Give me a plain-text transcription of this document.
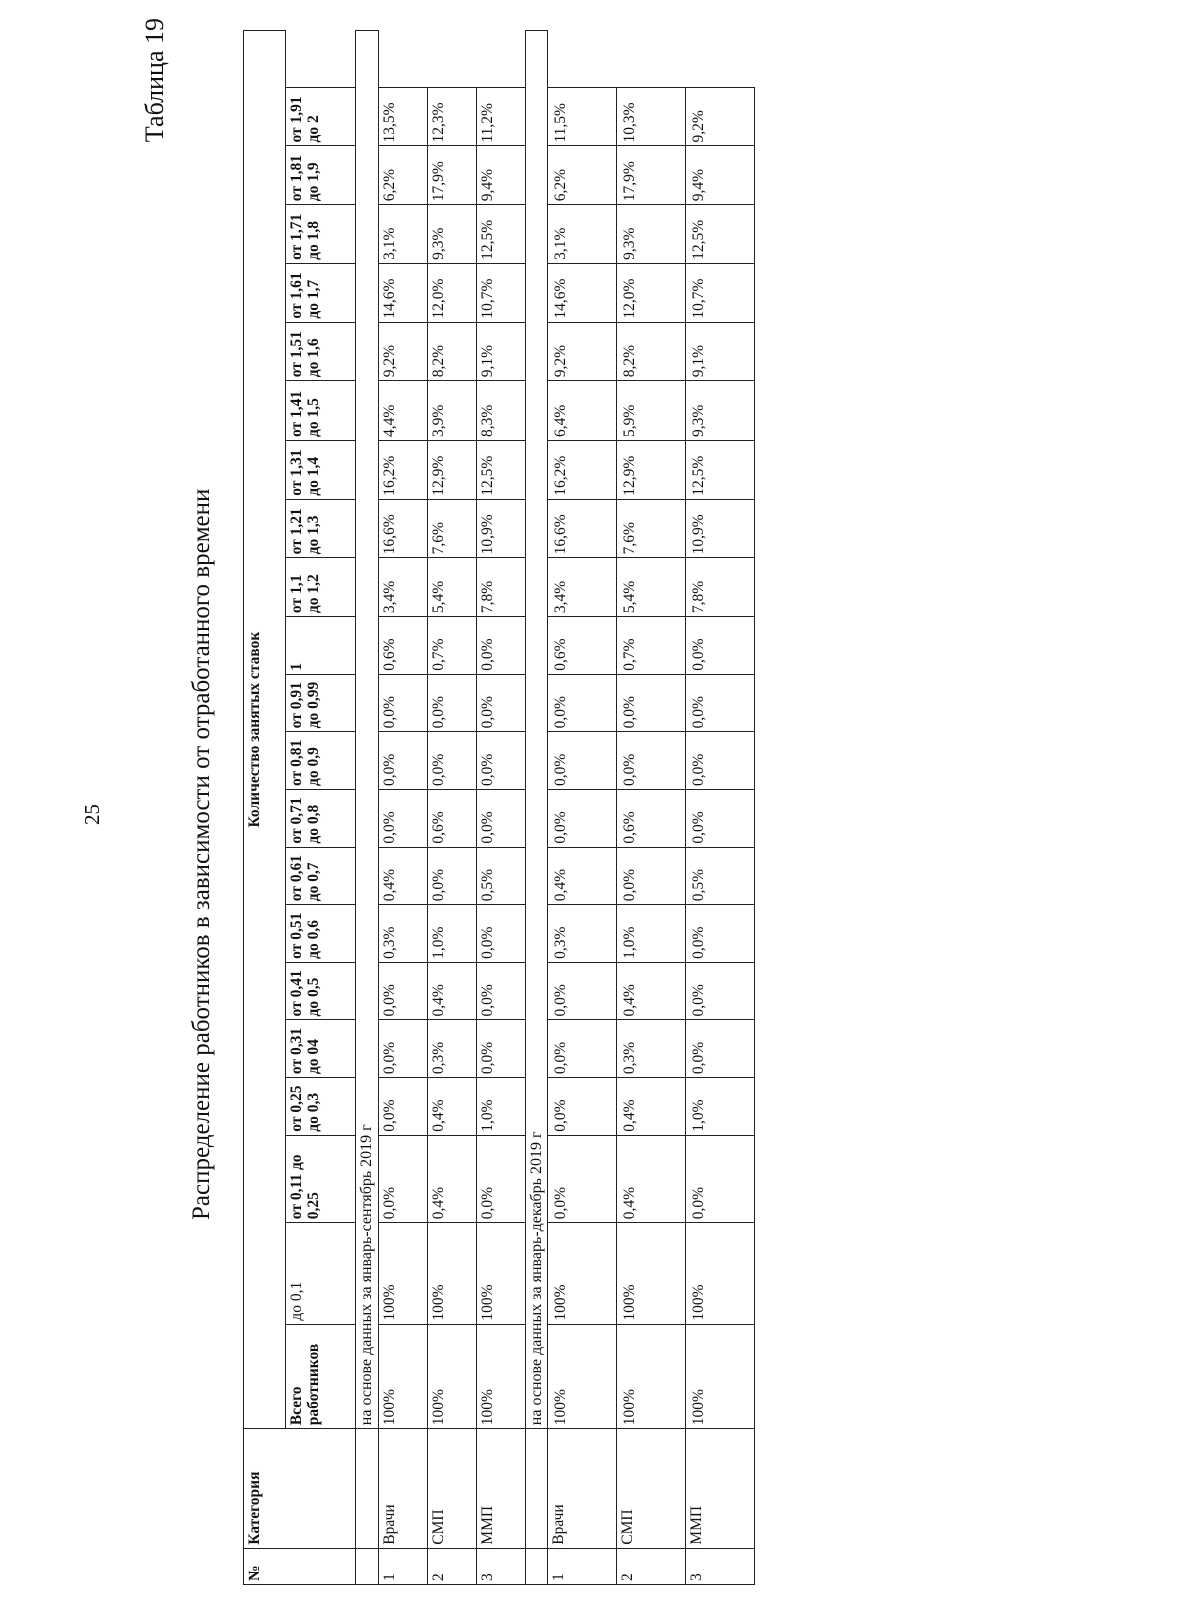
25
Таблица 19
Распределение работников в зависимости от отработанного времени
№	Категория	Количество занятых ставок																				
		Всего работников	до 0,1	от 0,11 до 0,25	от 0,25 до 0,3	от 0,31 до 04	от 0,41 до 0,5	от 0,51 до 0,6	от 0,61 до 0,7	от 0,71 до 0,8	от 0,81 до 0,9	от 0,91 до 0,99	1	от 1,1 до 1,2	от 1,21 до 1,3	от 1,31 до 1,4	от 1,41 до 1,5	от 1,51 до 1,6	от 1,61 до 1,7	от 1,71 до 1,8	от 1,81 до 1,9	от 1,91 до 2
		на основе данных за январь-сентябрь 2019 г																				
1	Врачи	100%	100%	0,0%	0,0%	0,0%	0,0%	0,3%	0,4%	0,0%	0,0%	0,0%	0,6%	3,4%	16,6%	16,2%	4,4%	9,2%	14,6%	3,1%	6,2%	13,5%
2	СМП	100%	100%	0,4%	0,4%	0,3%	0,4%	1,0%	0,0%	0,6%	0,0%	0,0%	0,7%	5,4%	7,6%	12,9%	3,9%	8,2%	12,0%	9,3%	17,9%	12,3%
3	ММП	100%	100%	0,0%	1,0%	0,0%	0,0%	0,0%	0,5%	0,0%	0,0%	0,0%	0,0%	7,8%	10,9%	12,5%	8,3%	9,1%	10,7%	12,5%	9,4%	11,2%
		на основе данных за январь-декабрь 2019 г																				
1	Врачи	100%	100%	0,0%	0,0%	0,0%	0,0%	0,3%	0,4%	0,0%	0,0%	0,0%	0,6%	3,4%	16,6%	16,2%	6,4%	9,2%	14,6%	3,1%	6,2%	11,5%
2	СМП	100%	100%	0,4%	0,4%	0,3%	0,4%	1,0%	0,0%	0,6%	0,0%	0,0%	0,7%	5,4%	7,6%	12,9%	5,9%	8,2%	12,0%	9,3%	17,9%	10,3%
3	ММП	100%	100%	0,0%	1,0%	0,0%	0,0%	0,0%	0,5%	0,0%	0,0%	0,0%	0,0%	7,8%	10,9%	12,5%	9,3%	9,1%	10,7%	12,5%	9,4%	9,2%
